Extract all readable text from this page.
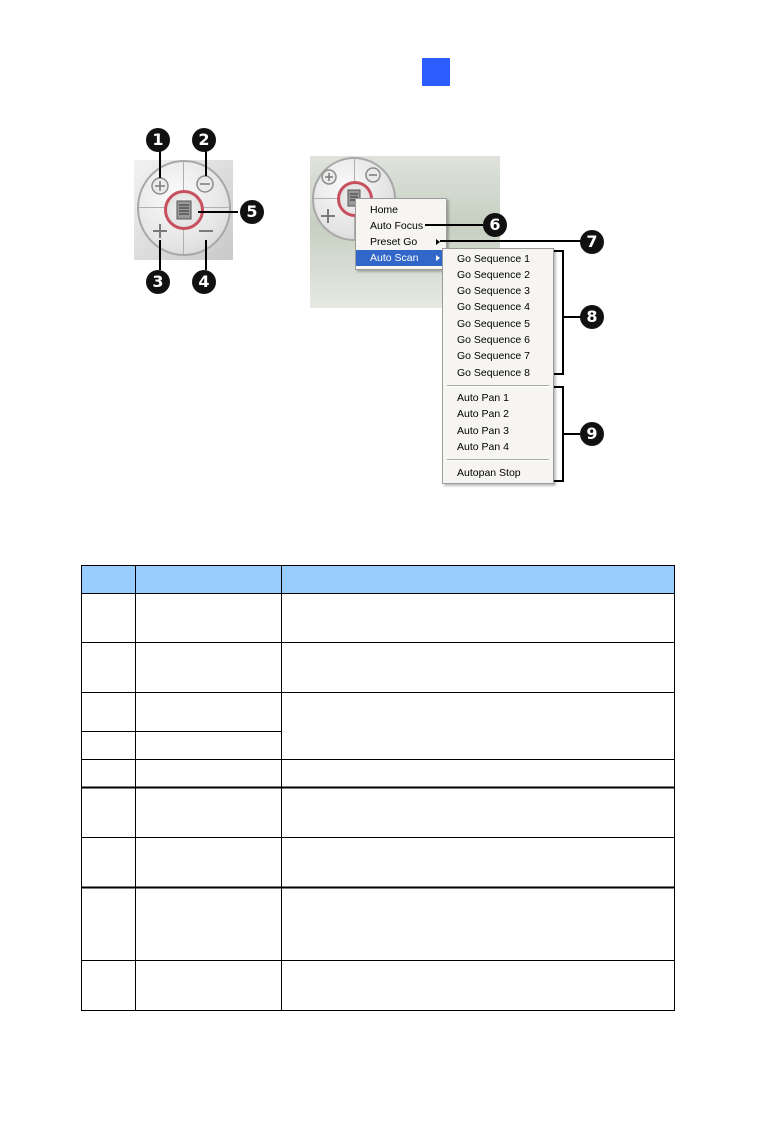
1	2
3	4
5	Home
Auto Focus
Preset Go
Auto Scan	Go Sequence 1
Go Sequence 2
Go Sequence 3
Go Sequence 4
Go Sequence 5
Go Sequence 6
Go Sequence 7
Go Sequence 8
Auto Pan 1
Auto Pan 2
Auto Pan 3
Auto Pan 4
Autopan Stop
6
7
8
9
